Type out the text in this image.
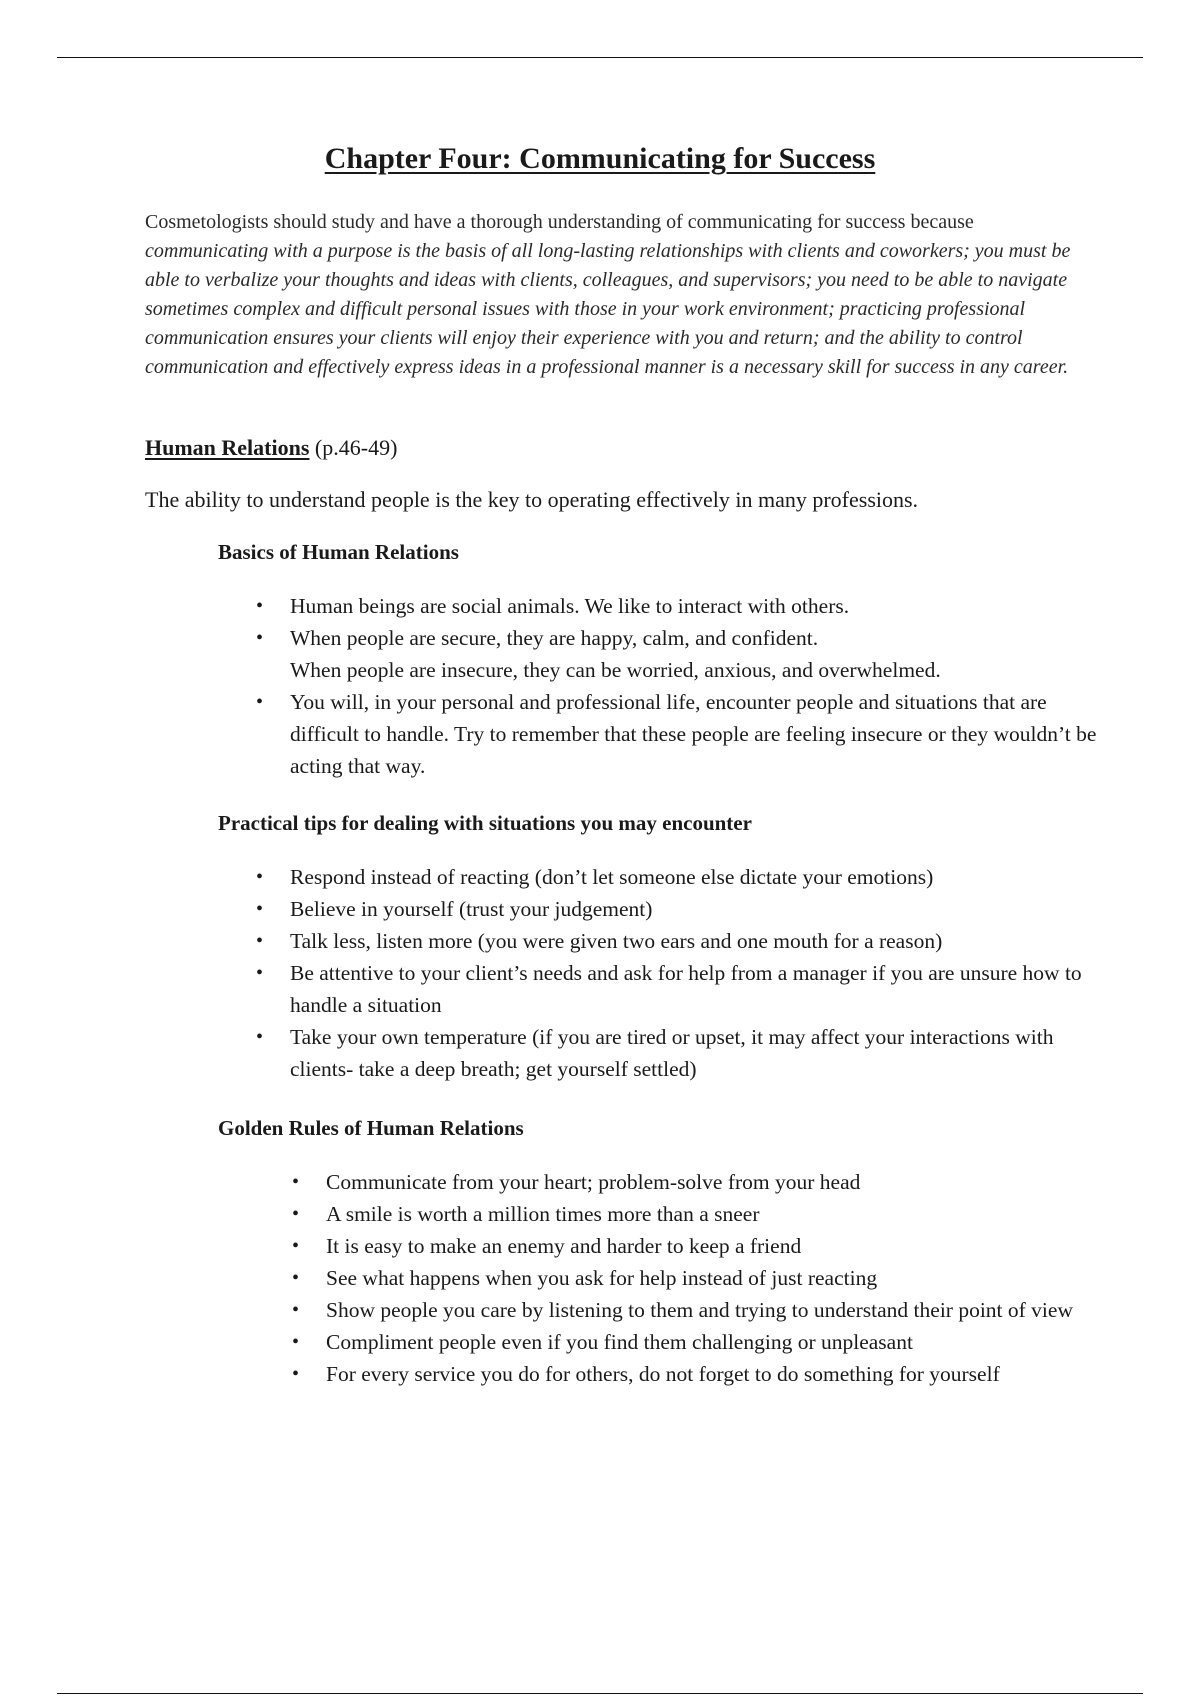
Chapter Four: Communicating for Success

Cosmetologists should study and have a thorough understanding of communicating for success because communicating with a purpose is the basis of all long-lasting relationships with clients and coworkers; you must be able to verbalize your thoughts and ideas with clients, colleagues, and supervisors; you need to be able to navigate sometimes complex and difficult personal issues with those in your work environment; practicing professional communication ensures your clients will enjoy their experience with you and return; and the ability to control communication and effectively express ideas in a professional manner is a necessary skill for success in any career.

Human Relations (p.46-49)

The ability to understand people is the key to operating effectively in many professions.

Basics of Human Relations

• Human beings are social animals. We like to interact with others.
• When people are secure, they are happy, calm, and confident.
When people are insecure, they can be worried, anxious, and overwhelmed.
• You will, in your personal and professional life, encounter people and situations that are difficult to handle. Try to remember that these people are feeling insecure or they wouldn’t be acting that way.

Practical tips for dealing with situations you may encounter

• Respond instead of reacting (don’t let someone else dictate your emotions)
• Believe in yourself (trust your judgement)
• Talk less, listen more (you were given two ears and one mouth for a reason)
• Be attentive to your client’s needs and ask for help from a manager if you are unsure how to handle a situation
• Take your own temperature (if you are tired or upset, it may affect your interactions with clients- take a deep breath; get yourself settled)

Golden Rules of Human Relations

• Communicate from your heart; problem-solve from your head
• A smile is worth a million times more than a sneer
• It is easy to make an enemy and harder to keep a friend
• See what happens when you ask for help instead of just reacting
• Show people you care by listening to them and trying to understand their point of view
• Compliment people even if you find them challenging or unpleasant
• For every service you do for others, do not forget to do something for yourself
